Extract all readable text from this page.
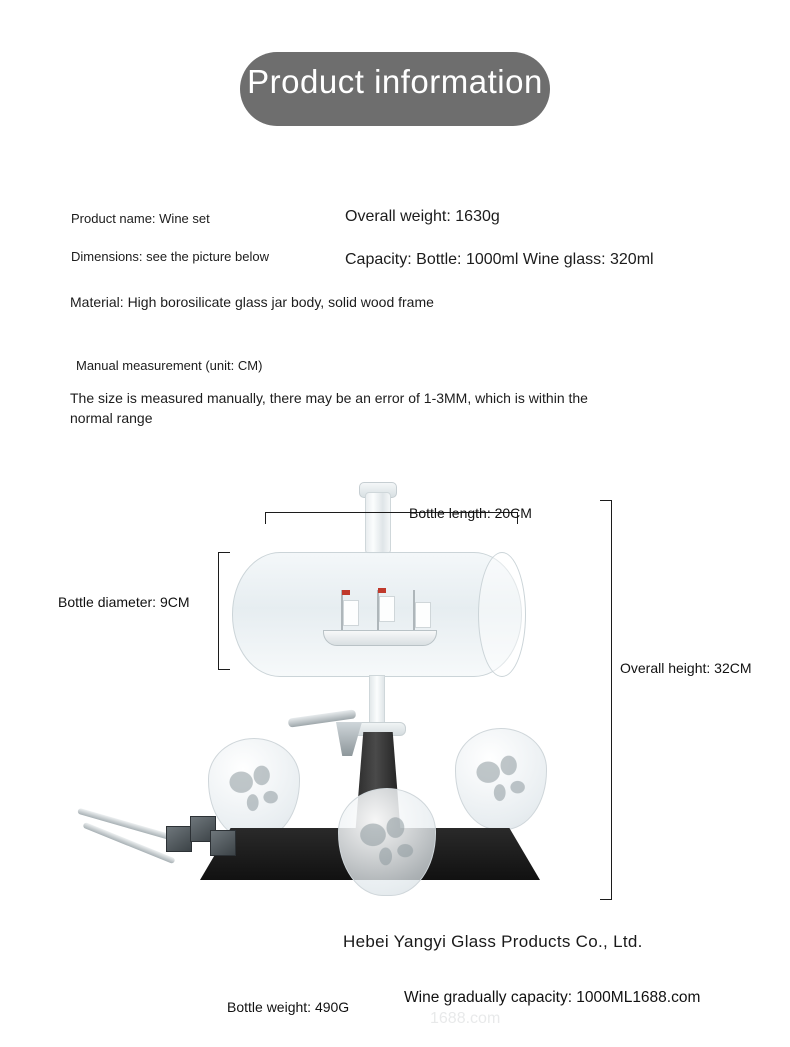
Product information
Product name: Wine set
Dimensions: see the picture below
Material: High borosilicate glass jar body, solid wood frame
Overall weight: 1630g
Capacity: Bottle: 1000ml Wine glass: 320ml
Manual measurement (unit: CM)
The size is measured manually, there may be an error of 1-3MM, which is within the normal range
Bottle length: 20CM
Bottle diameter: 9CM
Overall height: 32CM
Bottle weight: 490G
Hebei Yangyi Glass Products Co., Ltd.
Wine gradually capacity: 1000ML1688.com
1688.com
